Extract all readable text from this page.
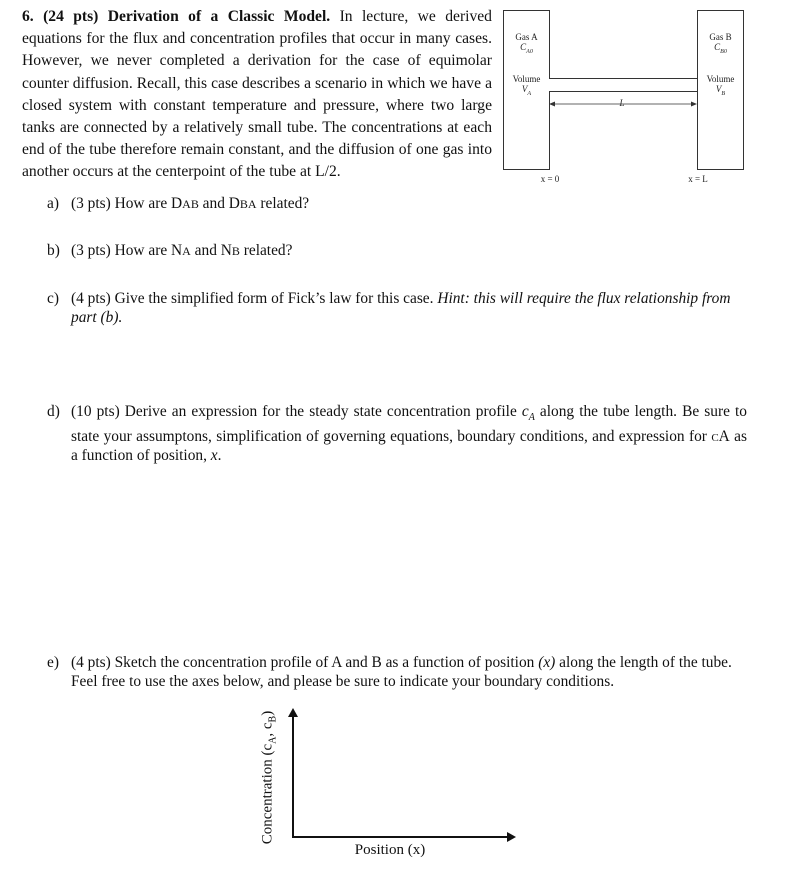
6. (24 pts) Derivation of a Classic Model. In lecture, we derived equations for the flux and concentration profiles that occur in many cases. However, we never completed a derivation for the case of equimolar counter diffusion. Recall, this case describes a scenario in which we have a closed system with constant temperature and pressure, where two large tanks are connected by a relatively small tube. The concentrations at each end of the tube therefore remain constant, and the diffusion of one gas into another occurs at the centerpoint of the tube at L/2.
Gas A
$C_{A0}$
Volume
$V_A$
Gas B
$C_{B0}$
Volume
$V_B$
L
x = 0	x = L
a) (3 pts) How are DAB and DBA related?
b) (3 pts) How are NA and NB related?
c) (4 pts) Give the simplified form of Fick’s law for this case. Hint: this will require the flux relationship from part (b).
d) (10 pts) Derive an expression for the steady state concentration profile $c_A$ along the tube length. Be sure to state your assumptons, simplification of governing equations, boundary conditions, and expression for cA as a function of position, x.
e) (4 pts) Sketch the concentration profile of A and B as a function of position (x) along the length of the tube. Feel free to use the axes below, and please be sure to indicate your boundary conditions.
Concentration ($c_A$, $c_B$)
Position (x)
